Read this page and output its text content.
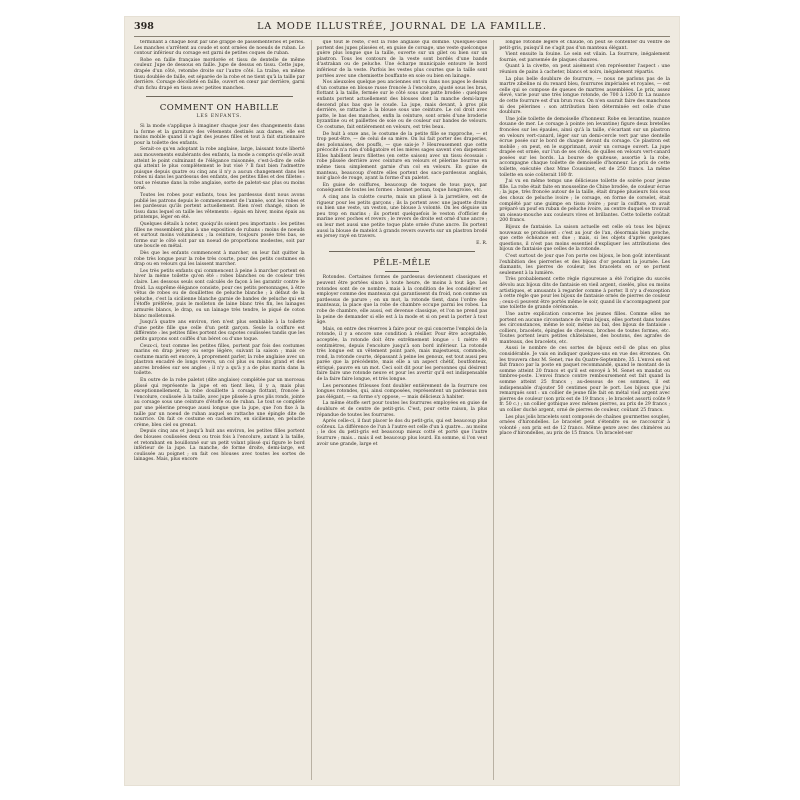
398	LA MODE ILLUSTRÉE, JOURNAL DE LA FAMILLE.

terminant à chaque bout par une grappe de passementeries et perles. Les manches s'arrêtent au coude et sont ornées de noeuds de ruban. Le contour inférieur du corsage est garni de petites coques de ruban.

Robe en faille française mordorée et tissu de dentelle de même couleur. Jupe de dessous en faille. Jupe de dessus en tissu. Cette jupe, drapée d'un côté, retombe droite sur l'autre côté. La traîne, en même tissu doublée de faille, est séparée de la robe et ne tient qu'à la taille par derrière. Corsage décolleté en faille, ouvert en cœur par derrière, garni d'un fichu drapé en tissu avec petites manches.

COMMENT ON HABILLE
LES ENFANTS.

Si la mode s'applique à imaginer chaque jour des changements dans la forme et la garniture des vêtements destinés aux dames, elle est moins mobile quand il s'agit des jeunes filles et tout à fait stationnaire pour la toilette des enfants.

Serait-ce qu'en adoptant la robe anglaise, large, laissant toute liberté aux mouvements exubérants des enfants, la mode a compris qu'elle avait atteint le point culminant de l'élégance raisonnée, c'est-à-dire de celle qui atteint le plus complètement le but visé ? Il faut bien l'admettre puisque depuis quatre ou cinq ans il n'y a aucun changement dans les robes ni dans les pardessus des enfants, des petites filles et des filletes : tout se résume dans la robe anglaise, sorte de paletot-sac plus ou moins orné.

Toutes les robes pour enfants, tous les pardessus dont nous avons publié les patrons depuis le commencement de l'année, sont les robes et les pardessus qu'ils portent actuellement. Rien n'est changé, sinon le tissu dans lequel on taille les vêtements : épais en hiver, moins épais au printemps, léger en été.

Quelques détails à noter, quoiqu'ils soient peu importants : les petites filles ne ressemblent plus à une exposition de rubans : moins de noeuds et surtout moins volumineux ; la ceinture, toujours posée très bas, se forme sur le côté soit par un noeud de proportions modestes, soit par une boucle en métal.

Dès que les enfants commencent à marcher, on leur fait quitter la robe très longue pour la robe très courte, pour des petits costumes en drap ou en velours qui les laissent marcher.

Les très petits enfants qui commencent à peine à marcher portent en hiver la même toilette qu'en été : robes blanches ou de couleur très claire. Les dessous seuls sont calculés de façon à les garantir contre le froid. La suprême élégance consiste, pour ces petits personnages, à être vêtus de robes ou de douillettes de peluche blanche ; à défaut de la peluche, c'est la sicilienne blanche garnie de bandes de peluche qui est l'étoffe préférée, puis le molleton de laine blanc très fin, les lainages armurés blancs, le drap, ou un lainage très tendre, le piqué de coton blanc molletonné.

Jusqu'à quatre ans environ, rien n'est plus semblable à la toilette d'une petite fille que celle d'un petit garçon. Seule la coiffure est différente : les petites filles portent des capotes coulissées tandis que les petits garçons sont coiffés d'un béret ou d'une toque.

Ceux-ci, tout comme les petites filles, portent par fois des costumes marins en drap jersey ou serge légère, suivant la saison ; mais ce costume marin est encore, à proprement parler, la robe anglaise avec un plastron encadré de longs revers, un col plus ou moins grand et des ancres brodées sur ses angles ; il n'y a qu'à y a de plus marin dans la toilette.

En outre de la robe paletot (dite anglaise) complétée par un morceau plissé qui représente la jupe et en tient lieu, il y a, mais plus exceptionnellement, la robe douillette à corsage flottant, froncée à l'encolure, coulissée à la taille, avec jupe plissée à gros plis ronds, jointe au corsage sous une ceinture d'étoffe ou de ruban. Le tout se complète par une pèlerine presque aussi longue que la jupe, que l'on fixe à la taille par un noeud de ruban auquel se rattache une épingle dite de nourrice. On fait ce costume en cachemire, en sicilienne, en peluche crème, bleu ciel ou grenat.

Depuis cinq ans et jusqu'à huit ans environ, les petites filles portent des blouses coulissées deux ou trois fois à l'encolure, autant à la taille, et retombant en bouillonné sur un petit volant plissé qui figure le bord inférieur de la jupe. La manche, de forme droite, demi-large, est coulissée au poignet ; on fait ces blouses avec toutes les sortes de lainages. Mais, plus encore

que tout le reste, c'est la robe anglaise qui domine. Quelques-unes portent des jupes plissées et, en guise de corsage, une veste quelconque guère plus longue que la taille, ouverte sur un gilet ou bien sur un plastron. Tous les contours de la veste sont bordés d'une bande d'astrakan ou de peluche. Une écharpe municipale entoure le bord inférieur de la veste. Parfois les vestes plus courtes que la taille sont portées avec une chemisette bouffante en soie ou bien en lainage.

Nos aïeuxoles quelque peu anciennes ont vu dans nos pages le dessin d'un costume en blouse russe froncée à l'encolure, ajusté sous les bras, flottant à la taille, fermée sur le côté sous une patte brodée : quelques enfants portent actuellement des blouses dont la manche demi-large descend plus bas que le coude. La jupe, mais devant, à gros plis derrière, se rattache à la blouse sous une ceinture. Le col droit avec patte, le bas des manches, enfin la ceinture, sont ornés d'une broderie byzantine ou et paillettes de soie ou de couleur sur bandes de velours. Ce costume, fait entièrement en velours, est très beau.

De huit à onze ans, le costume de la petite fille se rapproche, — et trop peut-être, — de celui de sa mère. On lui fait porter des draperies, des polonaises, des pouffs, — que sais-je ? Heureusement que cette précocité n'a rien d'obligatoire et les mères sages savent s'en dispenser. Elles habillent leurs fillettes (en cette saison) avec un tissu écossais : robe plissée derrière avec ceinture en velours et pèlerine bourrue en même tissu simplement garnie d'un col en velours. En guise de manteau, beaucoup d'entre elles portent des sacs-pardessus anglais, noir glacé de rouge, ayant la forme d'un paletot.

En guise de coiffures, beaucoup de toques de tous pays, par conséquent de toutes les formes : bonnet persan, toque hongroise, etc.

A cinq ans la culotte courte, mais un plissé à la jarretière, est de rigueur pour les petits garçons ; ils la portent avec une jaquette droite ou bien une veste, un veston, une blouse à volonté. On les déguise un peu trop en marins ; ils portent quelquefois le veston d'officier de marine avec poches et revers ; le revers de droite est orné d'une ancre ; on leur met aussi une petite toque plate ornée d'une ancre. Ils portent aussi la blouse de matelot à grands revers ouverts sur un plastron brodé en jersey rayé en travers.

E. R.
PÊLE-MÊLE

Rotondes. Certaines formes de pardessus deviennent classiques et peuvent être portées sinon à toute heure, de moins à tout âge. Les rotondes sont de ce nombre, mais à la condition de les considérer et employer comme des manteaux qui garantissent du froid, non comme un pardessus de parure ; en un mot, la rotonde tient, dans l'ordre des manteaux, la place que la robe de chambre occupe parmi les robes. La robe de chambre, elle aussi, est devenue classique, et l'on ne prend pas la peine de demander si elle est à la mode et si on peut la porter à tout âge.

Mais, on entre des réserves à faire pour ce qui concerne l'emploi de la rotonde, il y a encore une condition à résilier. Pour être acceptable, acceptée, la rotonde doit être extrêmement longue : 1 mètre 40 centimètres, depuis l'encolure jusqu'à son bord inférieur. La rotonde très longue est un vêtement point paré, mais majestueux, commode, rond, la rotonde courte, dépassant à peine les genoux, est tout aussi peu parée que la précédente, mais elle a un aspect chétif, boutfonteux, étriqué, pauvre en un mot. Ceci soit dit pour les personnes qui désirent faire faire une rotonde neuve et pour les avertir qu'il est indispensable de la faire faire longue, et très longue.

Les personnes frileuses font doubler entièrement de la fourrure ces longues rotondes, qui, ainsi composées, représentent un pardessus non pas élégant, — sa forme s'y oppose, — mais délicieux à habiter.

La même étoffe sert pour toutes les fourrures employées en guise de doublure et de centre de petit-gris. C'est, pour cette raison, la plus répandue de toutes les fourrures.

Après celle-ci, il faut placer le dos du petit-gris, qui est beaucoup plus coûteux. La différence de l'un à l'autre est celle d'un à quatre... au moins ; le dos du petit-gris est beaucoup mieux cotté et porté que l'autre fourrure ; mais... mais il est beaucoup plus lourd. En somme, si l'on veut avoir une grande, large et

longue rotonde légère et chaude, on peut se contenter du ventre de petit-gris, puisqu'il ne s'agit pas d'un manteau élégant.

Vient ensuite la fouine. Le sein est vilain. La fourrure, inégalement fournie, est parsemée de plaques chauves.

Quant à la civette, on peut aisément s'en représenter l'aspect : une réunion de pains à cacheter, blancs et noirs, inégalement répartis.

La plus belle doublure de fourrure, — nous ne parlons pas de la martre zibeline ni du renard bleu, fourrures impériales et royales, — est celle qui se compose de queues de martres assemblées. Le prix, assez élevé, varie pour une très longue rotonde, de 700 à 1200 fr. La nuance de cette fourrure est d'un brun roux. On n'en saurait faire des manchons ni des pèlerines : son attribution bien déterminée est celle d'une doublure.

Une jolie toilette de demoiselle d'honneur. Robe en levantine, nuance douane de mer. Le corsage à pointe (en levantine) figure deux bretelles froncées sur les épaules, ainsi qu'à la taille, s'écartant sur un plastron en velours vert-canard, léger sur un demi-cercle vert par une dentelle écrue posée sur le bord de chaque devant du corsage. Ce plastron est mobile ; on peut, en le supprimant, avoir un corsage ouvert. La jupe drapée est ornée, sur l'un de ses côtés, de quilles en velours vert-canard posées sur les bords. La bourse de quiteuse, assortie à la robe, accompagne chaque toilette de demoiselle d'honneur. Le prix de cette toilette, exécutée chez Mme Coussinet, est de 250 francs. La même toilette en soie coûterait 180 fr.

J'ai vu en même temps une délicieuse toilette de soirée pour jeune fille. La robe était faite en mousseline de Chine brodée, de couleur écrue ; la jupe, très froncée autour de la taille, était drapée plusieurs fois sous des choux de peluche ivoire ; le corsage, en forme de corselet, était complété par une guimpe en tissu ivoire ; pour la coiffure, on avait préparé un pouf en ruban de peluche ivoire, au centre duquel se trouvait un oiseau-mouche aux couleurs vives et brillantes. Cette toilette coûtait 200 francs.

Bijoux de fantaisie. La saison actuelle est celle où tous les bijoux nouveaux se produisent : c'est au jour de l'an, désormais bien proche, que cette échéance est due ; mais, si les objets d'après quelques questions, il n'est pas moins essentiel d'expliquer les attributions des bijoux de fantaisie que celles de la rotonde.

C'est surtout de jour que l'on porte ces bijoux, le bon goût interdisant l'exhibition des pierreries et des bijoux d'or pendant la journée. Les diamants, les pierres de couleur, les bracelets en or se portent seulement à la lumière.

Très probablement cette règle rigoureuse a été l'origine du succès dévolu aux bijoux dits de fantaisie en vieil argent, ciselés, plus ou moins artistiques, et amusants à regarder comme à porter. Il n'y a d'exception à cette règle que pour les bijoux de fantaisie ornés de pierres de couleur ; ceux-ci peuvent être portés même le soir, quand ils s'accompagnent par une toilette de grande cérémonie.

Une autre explication concerne les jeunes filles. Comme elles ne portent en aucune circonstance de vrais bijoux, elles portent dans toutes les circonstances, même le soir, même au bal, des bijoux de fantaisie : colliers, bracelets, épingles de cheveux, broches de toutes formes, etc. Toutes portent leurs petites châtelaines, des boutons, des agrafes de manteaux, des bracelets, etc.

Aussi le nombre de ces sortes de bijoux est-il de plus en plus considérable. Je vais en indiquer quelques-uns en vue des étrennes. On les trouvera chez M. Senet, rue du Quatre-Septembre, 35. L'envoi en est fait franco par la poste en paquet recommandé, quand le montant de la somme atteint 20 francs et qu'il est envoyé à M. Senet en mandat ou timbres-poste. L'envoi franco contre remboursement est fait quand la somme atteint 25 francs ; au-dessous de ces sommes, il est indispensable d'ajouter 50 centimes pour le port. Les bijoux que j'ai remarqués sont : un collier de jeune fille fait en métal vieil argent avec pierres de couleur (son prix est de 19 francs ; le bracelet assorti coûte 9 fr. 50 c.) ; un collier gothique avec mêmes pierres, au prix de 29 francs ; un collier duché argent, orné de pierres de couleur, coûtant 25 francs.

Les plus jolis bracelets sont composés de chaînes gourmettes souples, ornées d'hirondelles. Le bracelet peut s'étendre ou se raccourcir à volonté ; son prix est de 12 francs. Même genre avec des chimères au place d'hirondelles, au prix de 15 francs. Un bracelet-ser
